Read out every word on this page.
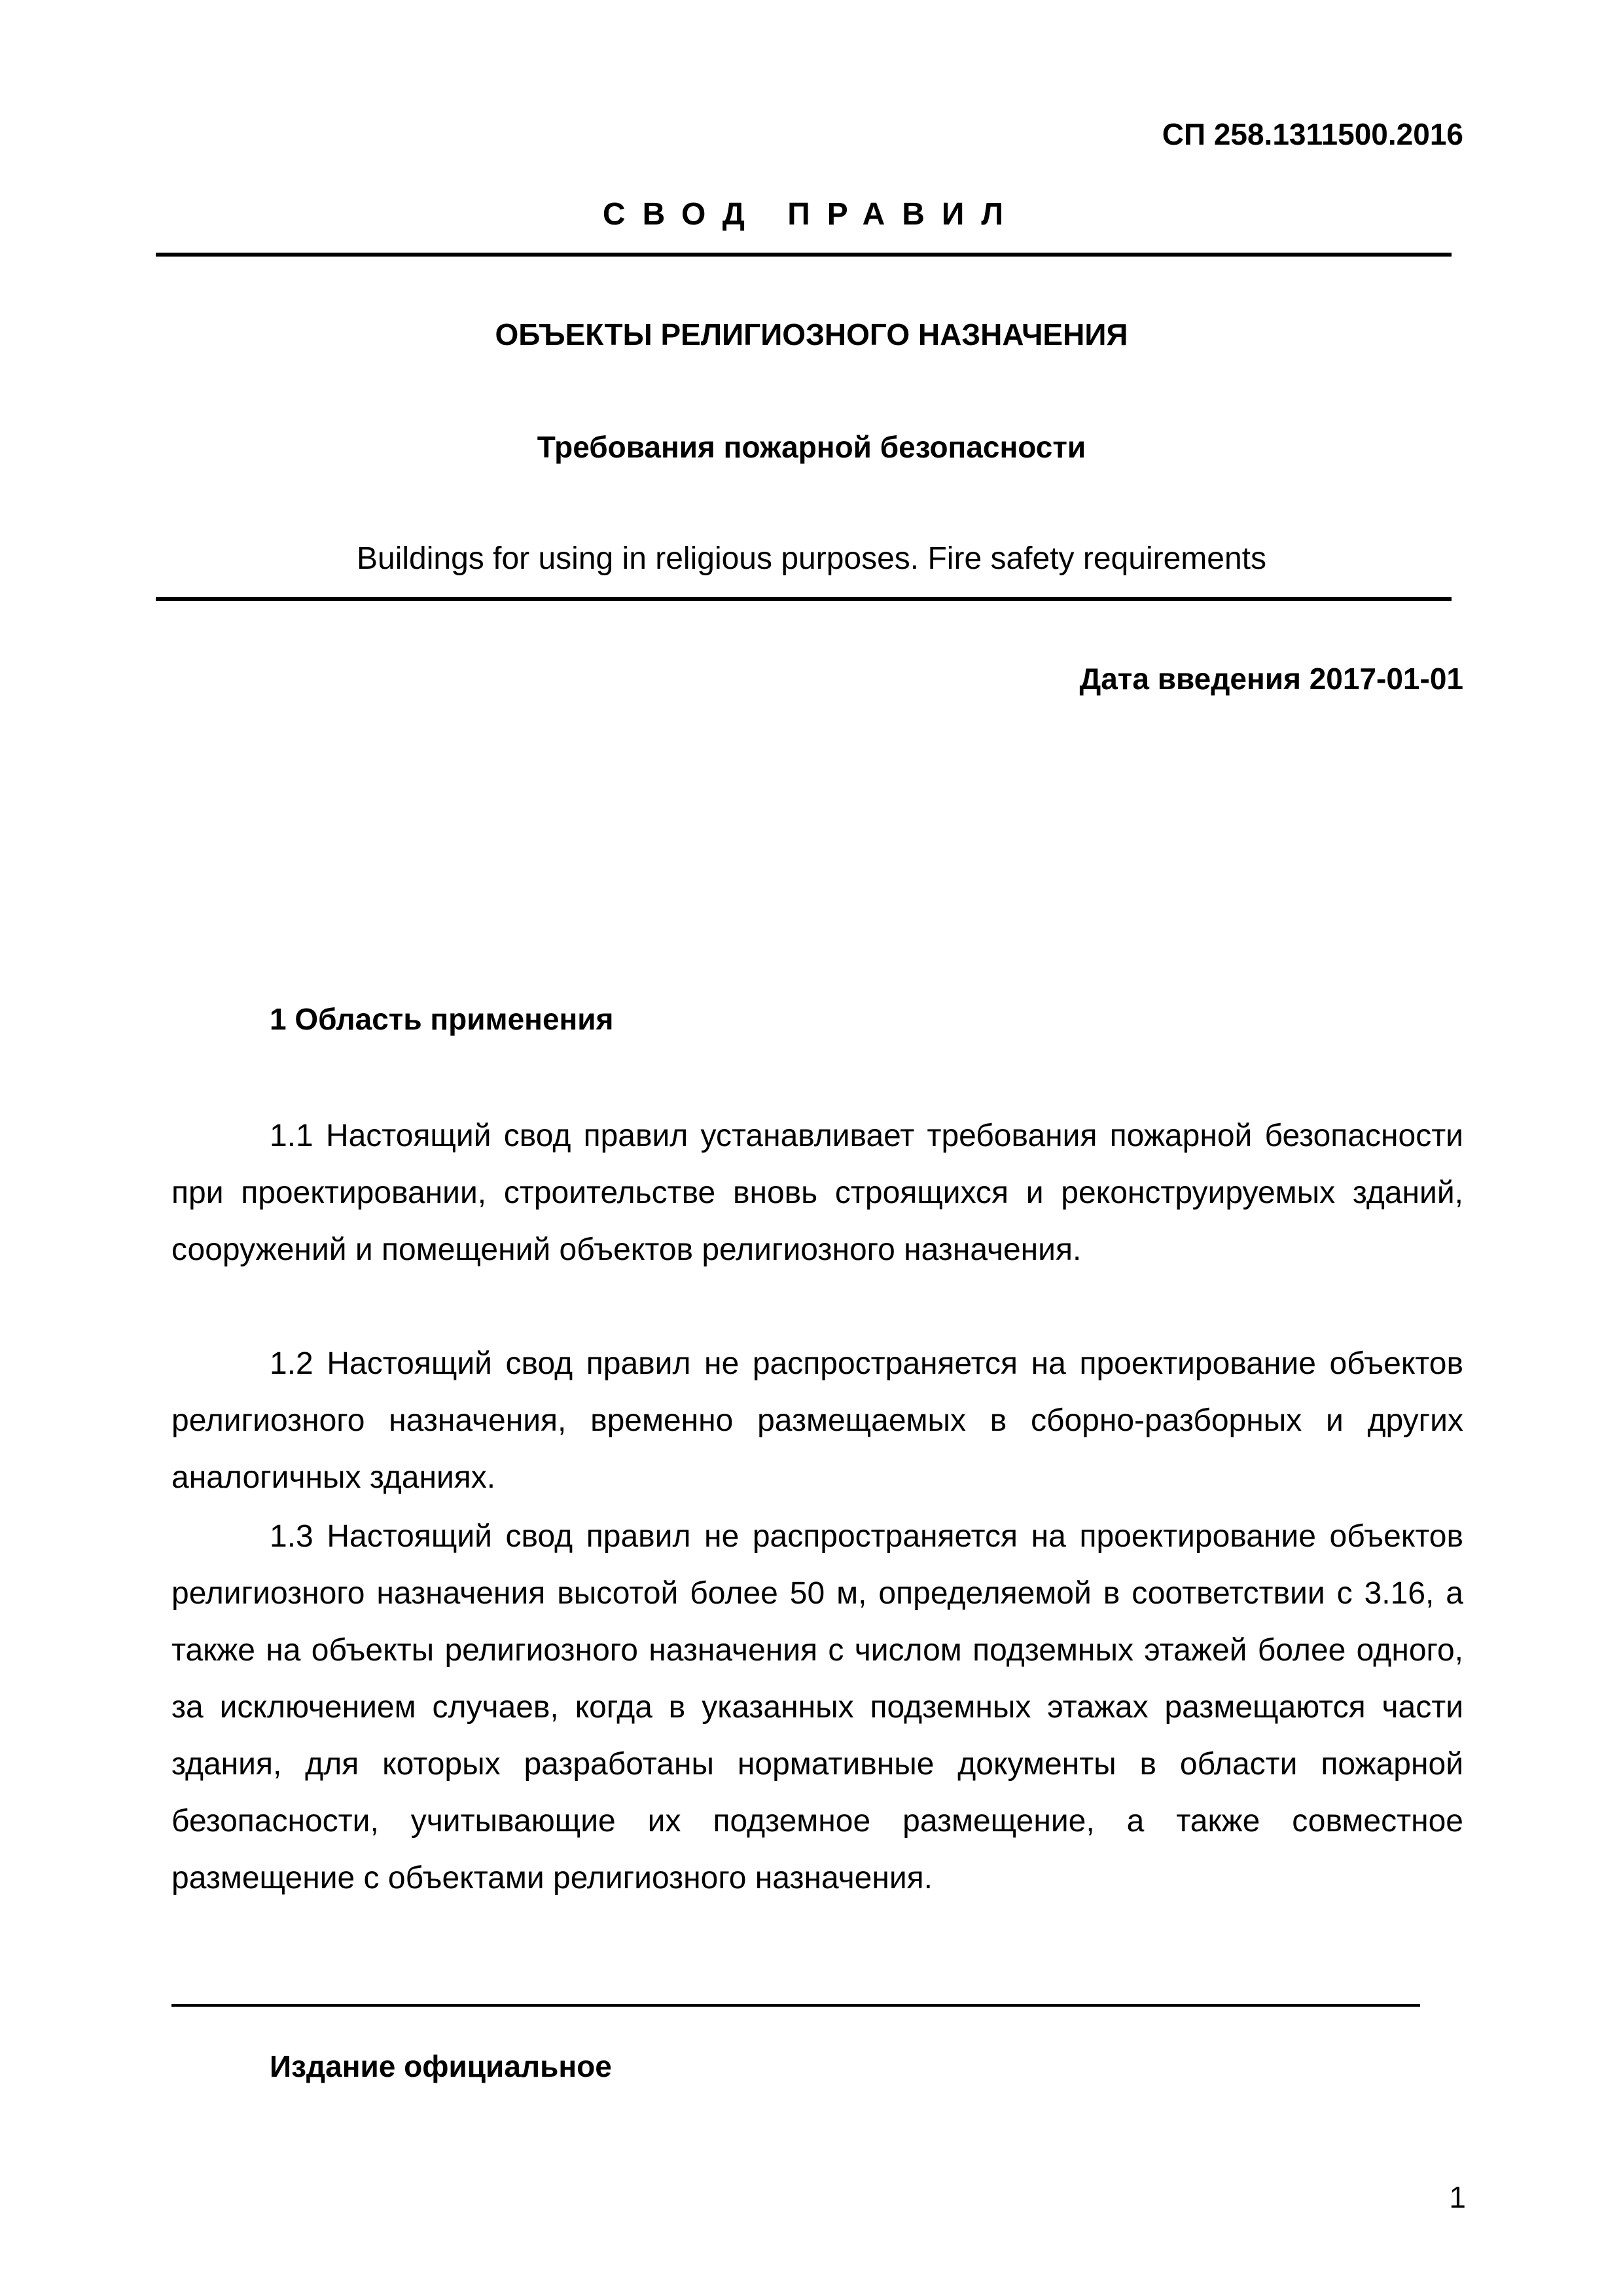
СП 258.1311500.2016
СВОД ПРАВИЛ
ОБЪЕКТЫ РЕЛИГИОЗНОГО НАЗНАЧЕНИЯ
Требования пожарной безопасности
Buildings for using in religious purposes. Fire safety requirements
Дата введения 2017-01-01
1 Область применения

1.1 Настоящий свод правил устанавливает требования пожарной безопасности при проектировании, строительстве вновь строящихся и реконструируемых зданий, сооружений и помещений объектов религиозного назначения.

1.2 Настоящий свод правил не распространяется на проектирование объектов религиозного назначения, временно размещаемых в сборно-разборных и других аналогичных зданиях.

1.3 Настоящий свод правил не распространяется на проектирование объектов религиозного назначения высотой более 50 м, определяемой в соответствии с 3.16, а также на объекты религиозного назначения с числом подземных этажей более одного, за исключением случаев, когда в указанных подземных этажах размещаются части здания, для которых разработаны нормативные документы в области пожарной безопасности, учитывающие их подземное размещение, а также совместное размещение с объектами религиозного назначения.

Издание официальное
1
